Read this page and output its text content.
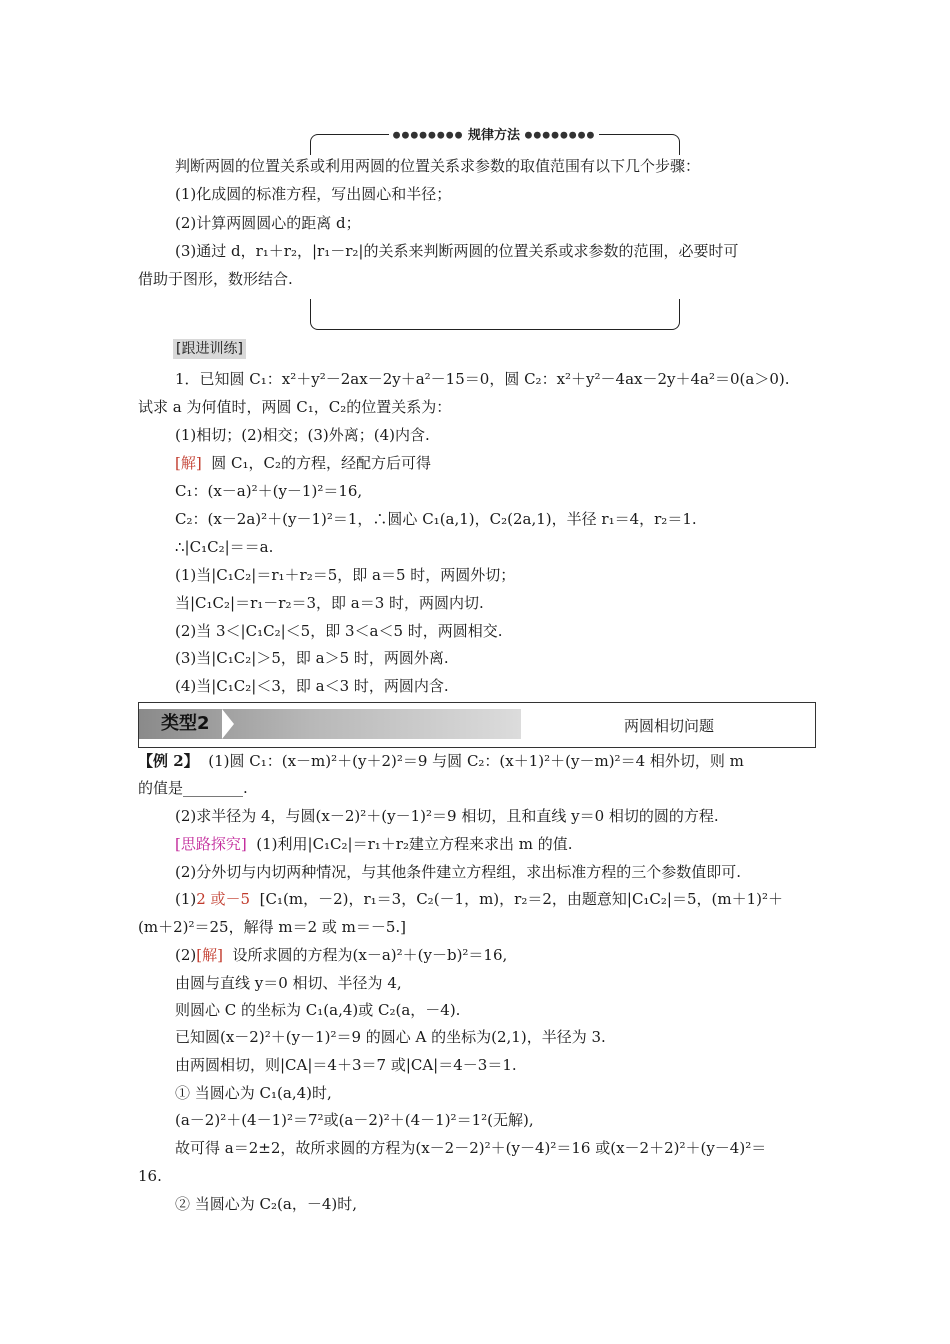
●●●●●●●● 规律方法 ●●●●●●●●
判断两圆的位置关系或利用两圆的位置关系求参数的取值范围有以下几个步骤：
(1)化成圆的标准方程，写出圆心和半径；
(2)计算两圆圆心的距离 d；
(3)通过 d，r₁＋r₂，|r₁－r₂|的关系来判断两圆的位置关系或求参数的范围，必要时可
借助于图形，数形结合.
[跟进训练]
1．已知圆 C₁：x²＋y²－2ax－2y＋a²－15＝0，圆 C₂：x²＋y²－4ax－2y＋4a²＝0(a＞0).
试求 a 为何值时，两圆 C₁，C₂的位置关系为：
(1)相切；(2)相交；(3)外离；(4)内含.
[解] 圆 C₁，C₂的方程，经配方后可得
C₁：(x－a)²＋(y－1)²＝16,
C₂：(x－2a)²＋(y－1)²＝1，∴圆心 C₁(a,1)，C₂(2a,1)，半径 r₁＝4，r₂＝1.
∴|C₁C₂|＝＝a.
(1)当|C₁C₂|＝r₁＋r₂＝5，即 a＝5 时，两圆外切；
当|C₁C₂|＝r₁－r₂＝3，即 a＝3 时，两圆内切.
(2)当 3＜|C₁C₂|＜5，即 3＜a＜5 时，两圆相交.
(3)当|C₁C₂|＞5，即 a＞5 时，两圆外离.
(4)当|C₁C₂|＜3，即 a＜3 时，两圆内含.
类型2	两圆相切问题
【例 2】 (1)圆 C₁：(x－m)²＋(y＋2)²＝9 与圆 C₂：(x＋1)²＋(y－m)²＝4 相外切，则 m
的值是________.
(2)求半径为 4，与圆(x－2)²＋(y－1)²＝9 相切，且和直线 y＝0 相切的圆的方程.
[思路探究] (1)利用|C₁C₂|＝r₁＋r₂建立方程来求出 m 的值.
(2)分外切与内切两种情况，与其他条件建立方程组，求出标准方程的三个参数值即可.
(1)2 或－5 [C₁(m，－2)，r₁＝3，C₂(－1，m)，r₂＝2，由题意知|C₁C₂|＝5，(m＋1)²＋
(m＋2)²＝25，解得 m＝2 或 m＝－5.]
(2)[解] 设所求圆的方程为(x－a)²＋(y－b)²＝16,
由圆与直线 y＝0 相切、半径为 4,
则圆心 C 的坐标为 C₁(a,4)或 C₂(a，－4).
已知圆(x－2)²＋(y－1)²＝9 的圆心 A 的坐标为(2,1)，半径为 3.
由两圆相切，则|CA|＝4＋3＝7 或|CA|＝4－3＝1.
① 当圆心为 C₁(a,4)时,
(a－2)²＋(4－1)²＝7²或(a－2)²＋(4－1)²＝1²(无解),
故可得 a＝2±2，故所求圆的方程为(x－2－2)²＋(y－4)²＝16 或(x－2＋2)²＋(y－4)²＝
16.
② 当圆心为 C₂(a，－4)时,
